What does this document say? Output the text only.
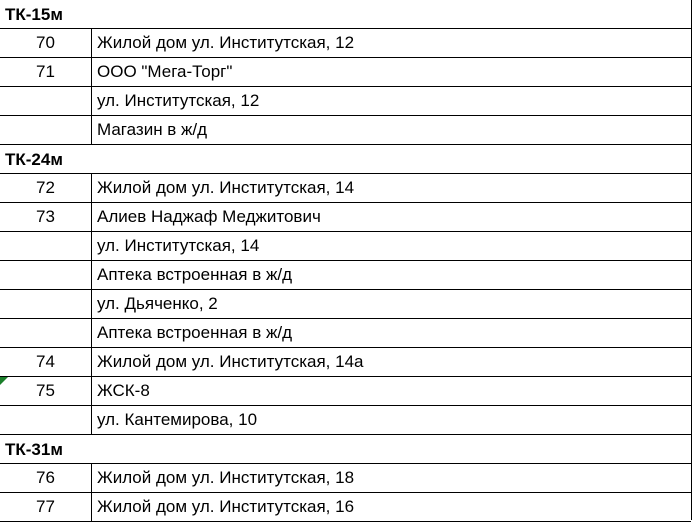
ТК-15м
70	Жилой дом ул. Институтская, 12
71	ООО "Мега-Торг"
ул. Институтская, 12
Магазин в ж/д
ТК-24м
72	Жилой дом ул. Институтская, 14
73	Алиев Наджаф Меджитович
ул. Институтская, 14
Аптека встроенная в ж/д
ул. Дьяченко, 2
Аптека встроенная в ж/д
74	Жилой дом ул. Институтская, 14а
75	ЖСК-8
ул. Кантемирова, 10
ТК-31м
76	Жилой дом ул. Институтская, 18
77	Жилой дом ул. Институтская, 16
